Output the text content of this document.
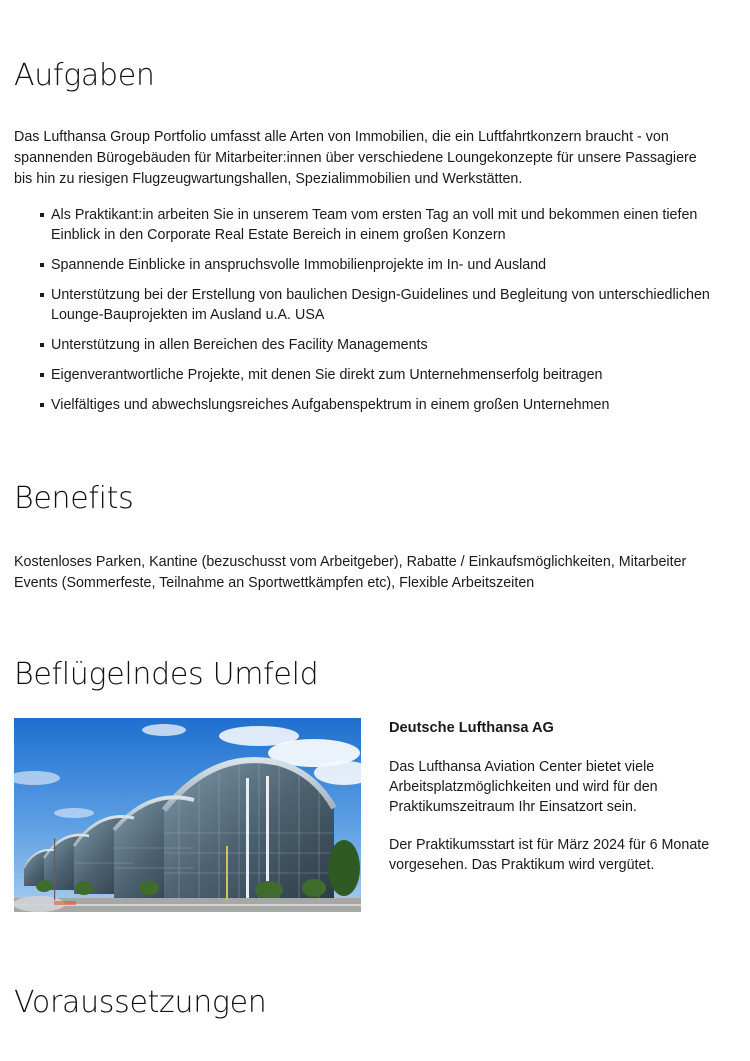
Aufgaben

Das Lufthansa Group Portfolio umfasst alle Arten von Immobilien, die ein Luftfahrtkonzern braucht - von spannenden Bürogebäuden für Mitarbeiter:innen über verschiedene Loungekonzepte für unsere Passagiere bis hin zu riesigen Flugzeugwartungshallen, Spezialimmobilien und Werkstätten.

Als Praktikant:in arbeiten Sie in unserem Team vom ersten Tag an voll mit und bekommen einen tiefen Einblick in den Corporate Real Estate Bereich in einem großen Konzern
Spannende Einblicke in anspruchsvolle Immobilienprojekte im In- und Ausland
Unterstützung bei der Erstellung von baulichen Design-Guidelines und Begleitung von unterschiedlichen Lounge-Bauprojekten im Ausland u.A. USA
Unterstützung in allen Bereichen des Facility Managements
Eigenverantwortliche Projekte, mit denen Sie direkt zum Unternehmenserfolg beitragen
Vielfältiges und abwechslungsreiches Aufgabenspektrum in einem großen Unternehmen
Benefits

Kostenloses Parken, Kantine (bezuschusst vom Arbeitgeber), Rabatte / Einkaufsmöglichkeiten, Mitarbeiter Events (Sommerfeste, Teilnahme an Sportwettkämpfen etc), Flexible Arbeitszeiten

Beflügelndes Umfeld

Deutsche Lufthansa AG

Das Lufthansa Aviation Center bietet viele Arbeitsplatzmöglichkeiten und wird für den Praktikumszeitraum Ihr Einsatzort sein.

Der Praktikumsstart ist für März 2024 für 6 Monate vorgesehen. Das Praktikum wird vergütet.

Voraussetzungen
